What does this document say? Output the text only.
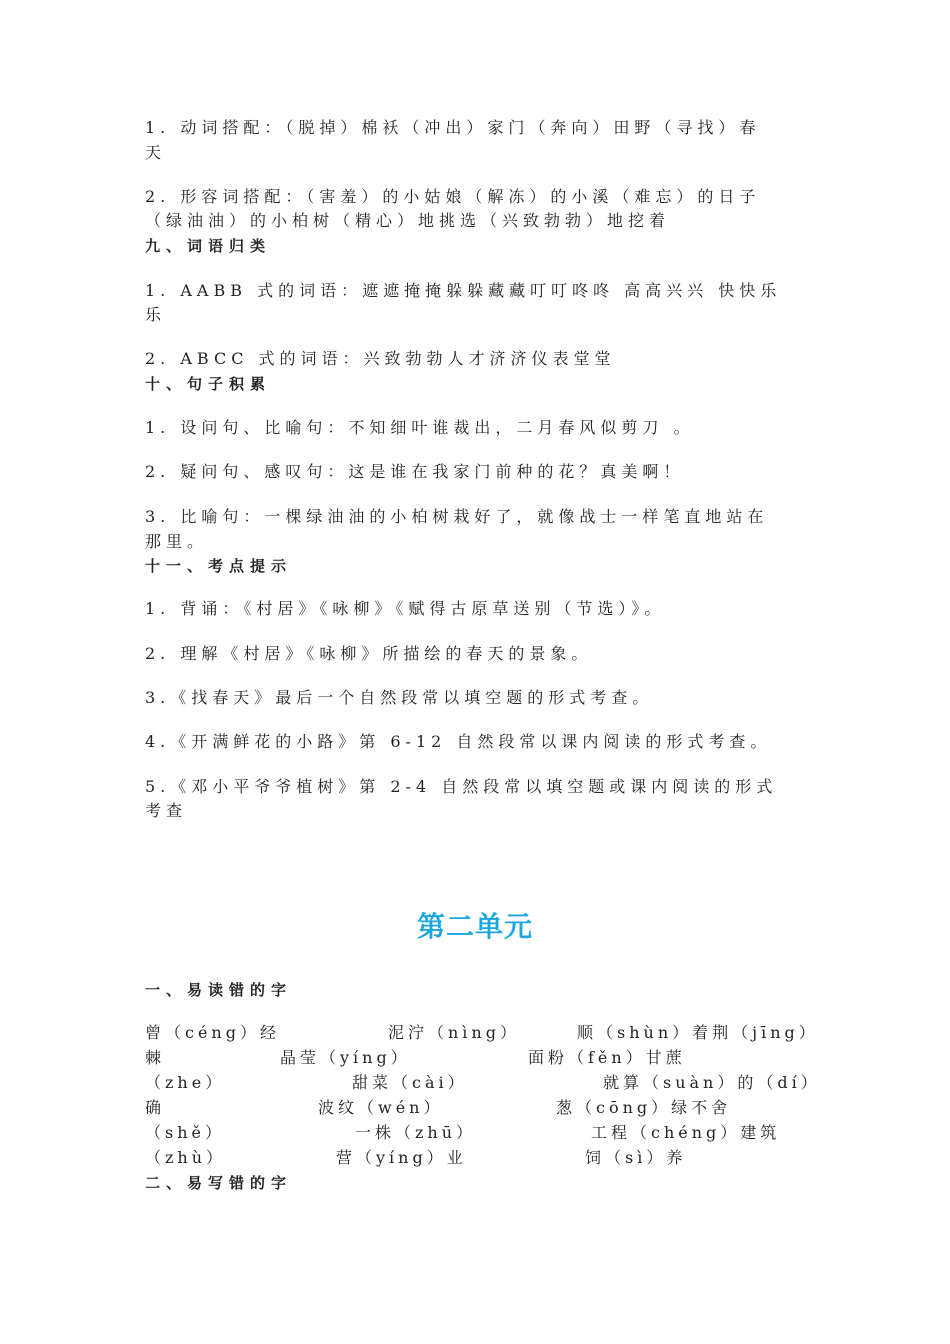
1. 动词搭配：（脱掉）棉袄（冲出）家门（奔向）田野（寻找）春
天
2. 形容词搭配：（害羞）的小姑娘（解冻）的小溪（难忘）的日子
（绿油油）的小柏树（精心）地挑选（兴致勃勃）地挖着
九、词语归类
1. AABB 式的词语：遮遮掩掩躲躲藏藏叮叮咚咚 高高兴兴 快快乐
乐
2. ABCC 式的词语：兴致勃勃人才济济仪表堂堂
十、句子积累
1. 设问句、比喻句：不知细叶谁裁出，二月春风似剪刀 。
2. 疑问句、感叹句：这是谁在我家门前种的花？真美啊！
3. 比喻句：一棵绿油油的小柏树栽好了，就像战士一样笔直地站在
那里。
十一、考点提示
1. 背诵：《村居》《咏柳》《赋得古原草送别（节选）》。
2. 理解《村居》《咏柳》所描绘的春天的景象。
3.《找春天》最后一个自然段常以填空题的形式考查。
4.《开满鲜花的小路》第 6-12 自然段常以课内阅读的形式考查。
5.《邓小平爷爷植树》第 2-4 自然段常以填空题或课内阅读的形式
考查
第二单元
一、易读错的字
曾（céng）经	泥泞（nìng）	顺（shùn）着荆（jīng）
棘	晶莹（yíng）	面粉（fěn）甘蔗
（zhe）	甜菜（cài）	就算（suàn）的（dí）
确	波纹（wén）	葱（cōng）绿不舍
（shě）	一株（zhū）	工程（chéng）建筑
（zhù）	营（yíng）业	饲（sì）养
二、易写错的字
